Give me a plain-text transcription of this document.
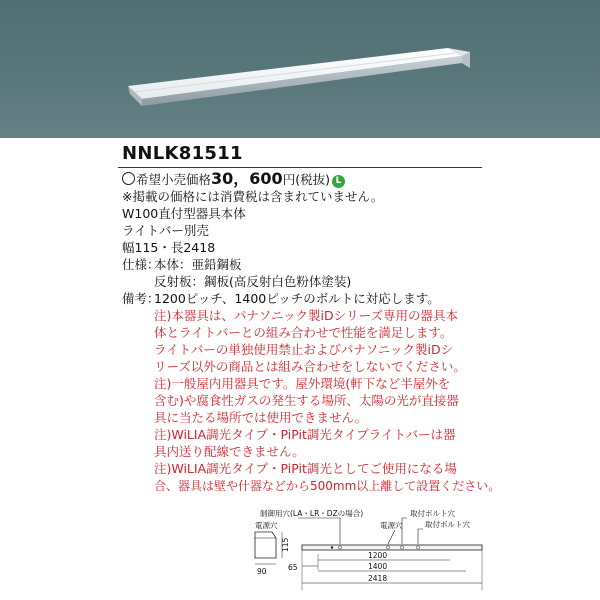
NNLK81511
希望小売価格30，600円(税抜) L
※掲載の価格には消費税は含まれていません。
W100直付型器具本体
ライトバー別売
幅115・長2418
仕様：本体：亜鉛鋼板
反射板：鋼板(高反射白色粉体塗装)
備考：1200ピッチ、1400ピッチのボルトに対応します。
注)本器具は、パナソニック製iDシリーズ専用の器具本
体とライトバーとの組み合わせで性能を満足します。
ライトバーの単独使用禁止およびパナソニック製iDシ
リーズ以外の商品とは組み合わせをしないでください。
注)一般屋内用器具です。屋外環境(軒下など半屋外を
含む)や腐食性ガスの発生する場所、太陽の光が直接器
具に当たる場所では使用できません。
注)WiLIA調光タイプ・PiPit調光タイプライトバーは器
具内送り配線できません。
注)WiLIA調光タイプ・PiPit調光としてご使用になる場
合、器具は壁や什器などから500mm以上離して設置ください。
制御用穴(LA・LR・DZの場合)	取付ボルト穴
取付ボルト穴
電源穴
電源穴
115
90	65
1200
1400
2418
